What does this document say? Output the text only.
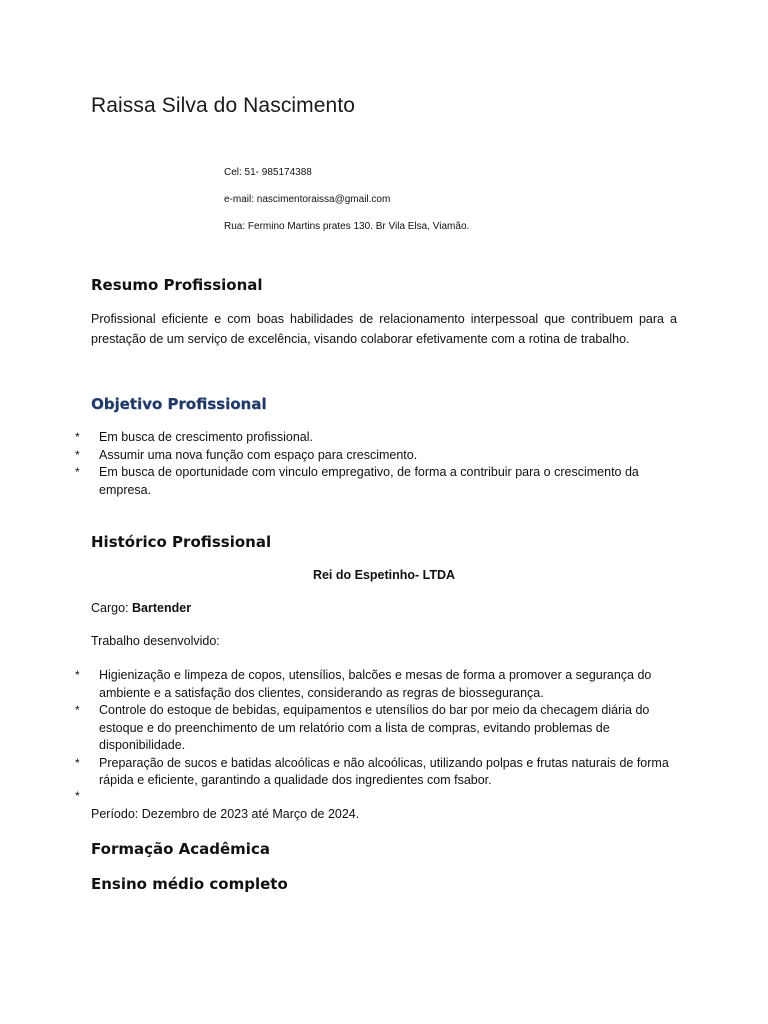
Raissa Silva do Nascimento
Cel: 51- 985174388
e-mail: nascimentoraissa@gmail.com
Rua: Fermino Martins prates 130. Br Vila Elsa, Viamão.
Resumo Profissional
Profissional eficiente e com boas habilidades de relacionamento interpessoal que contribuem para a prestação de um serviço de excelência, visando colaborar efetivamente com a rotina de trabalho.
Objetivo Profissional
* Em busca de crescimento profissional.
* Assumir uma nova função com espaço para crescimento.
* Em busca de oportunidade com vinculo empregativo, de forma a contribuir para o crescimento da empresa.
Histórico Profissional
Rei do Espetinho- LTDA
Cargo: Bartender
Trabalho desenvolvido:
* Higienização e limpeza de copos, utensílios, balcões e mesas de forma a promover a segurança do ambiente e a satisfação dos clientes, considerando as regras de biossegurança.
* Controle do estoque de bebidas, equipamentos e utensílios do bar por meio da checagem diária do estoque e do preenchimento de um relatório com a lista de compras, evitando problemas de disponibilidade.
* Preparação de sucos e batidas alcoólicas e não alcoólicas, utilizando polpas e frutas naturais de forma rápida e eficiente, garantindo a qualidade dos ingredientes com fsabor.
*
Período: Dezembro de 2023 até Março de 2024.
Formação Acadêmica
Ensino médio completo
